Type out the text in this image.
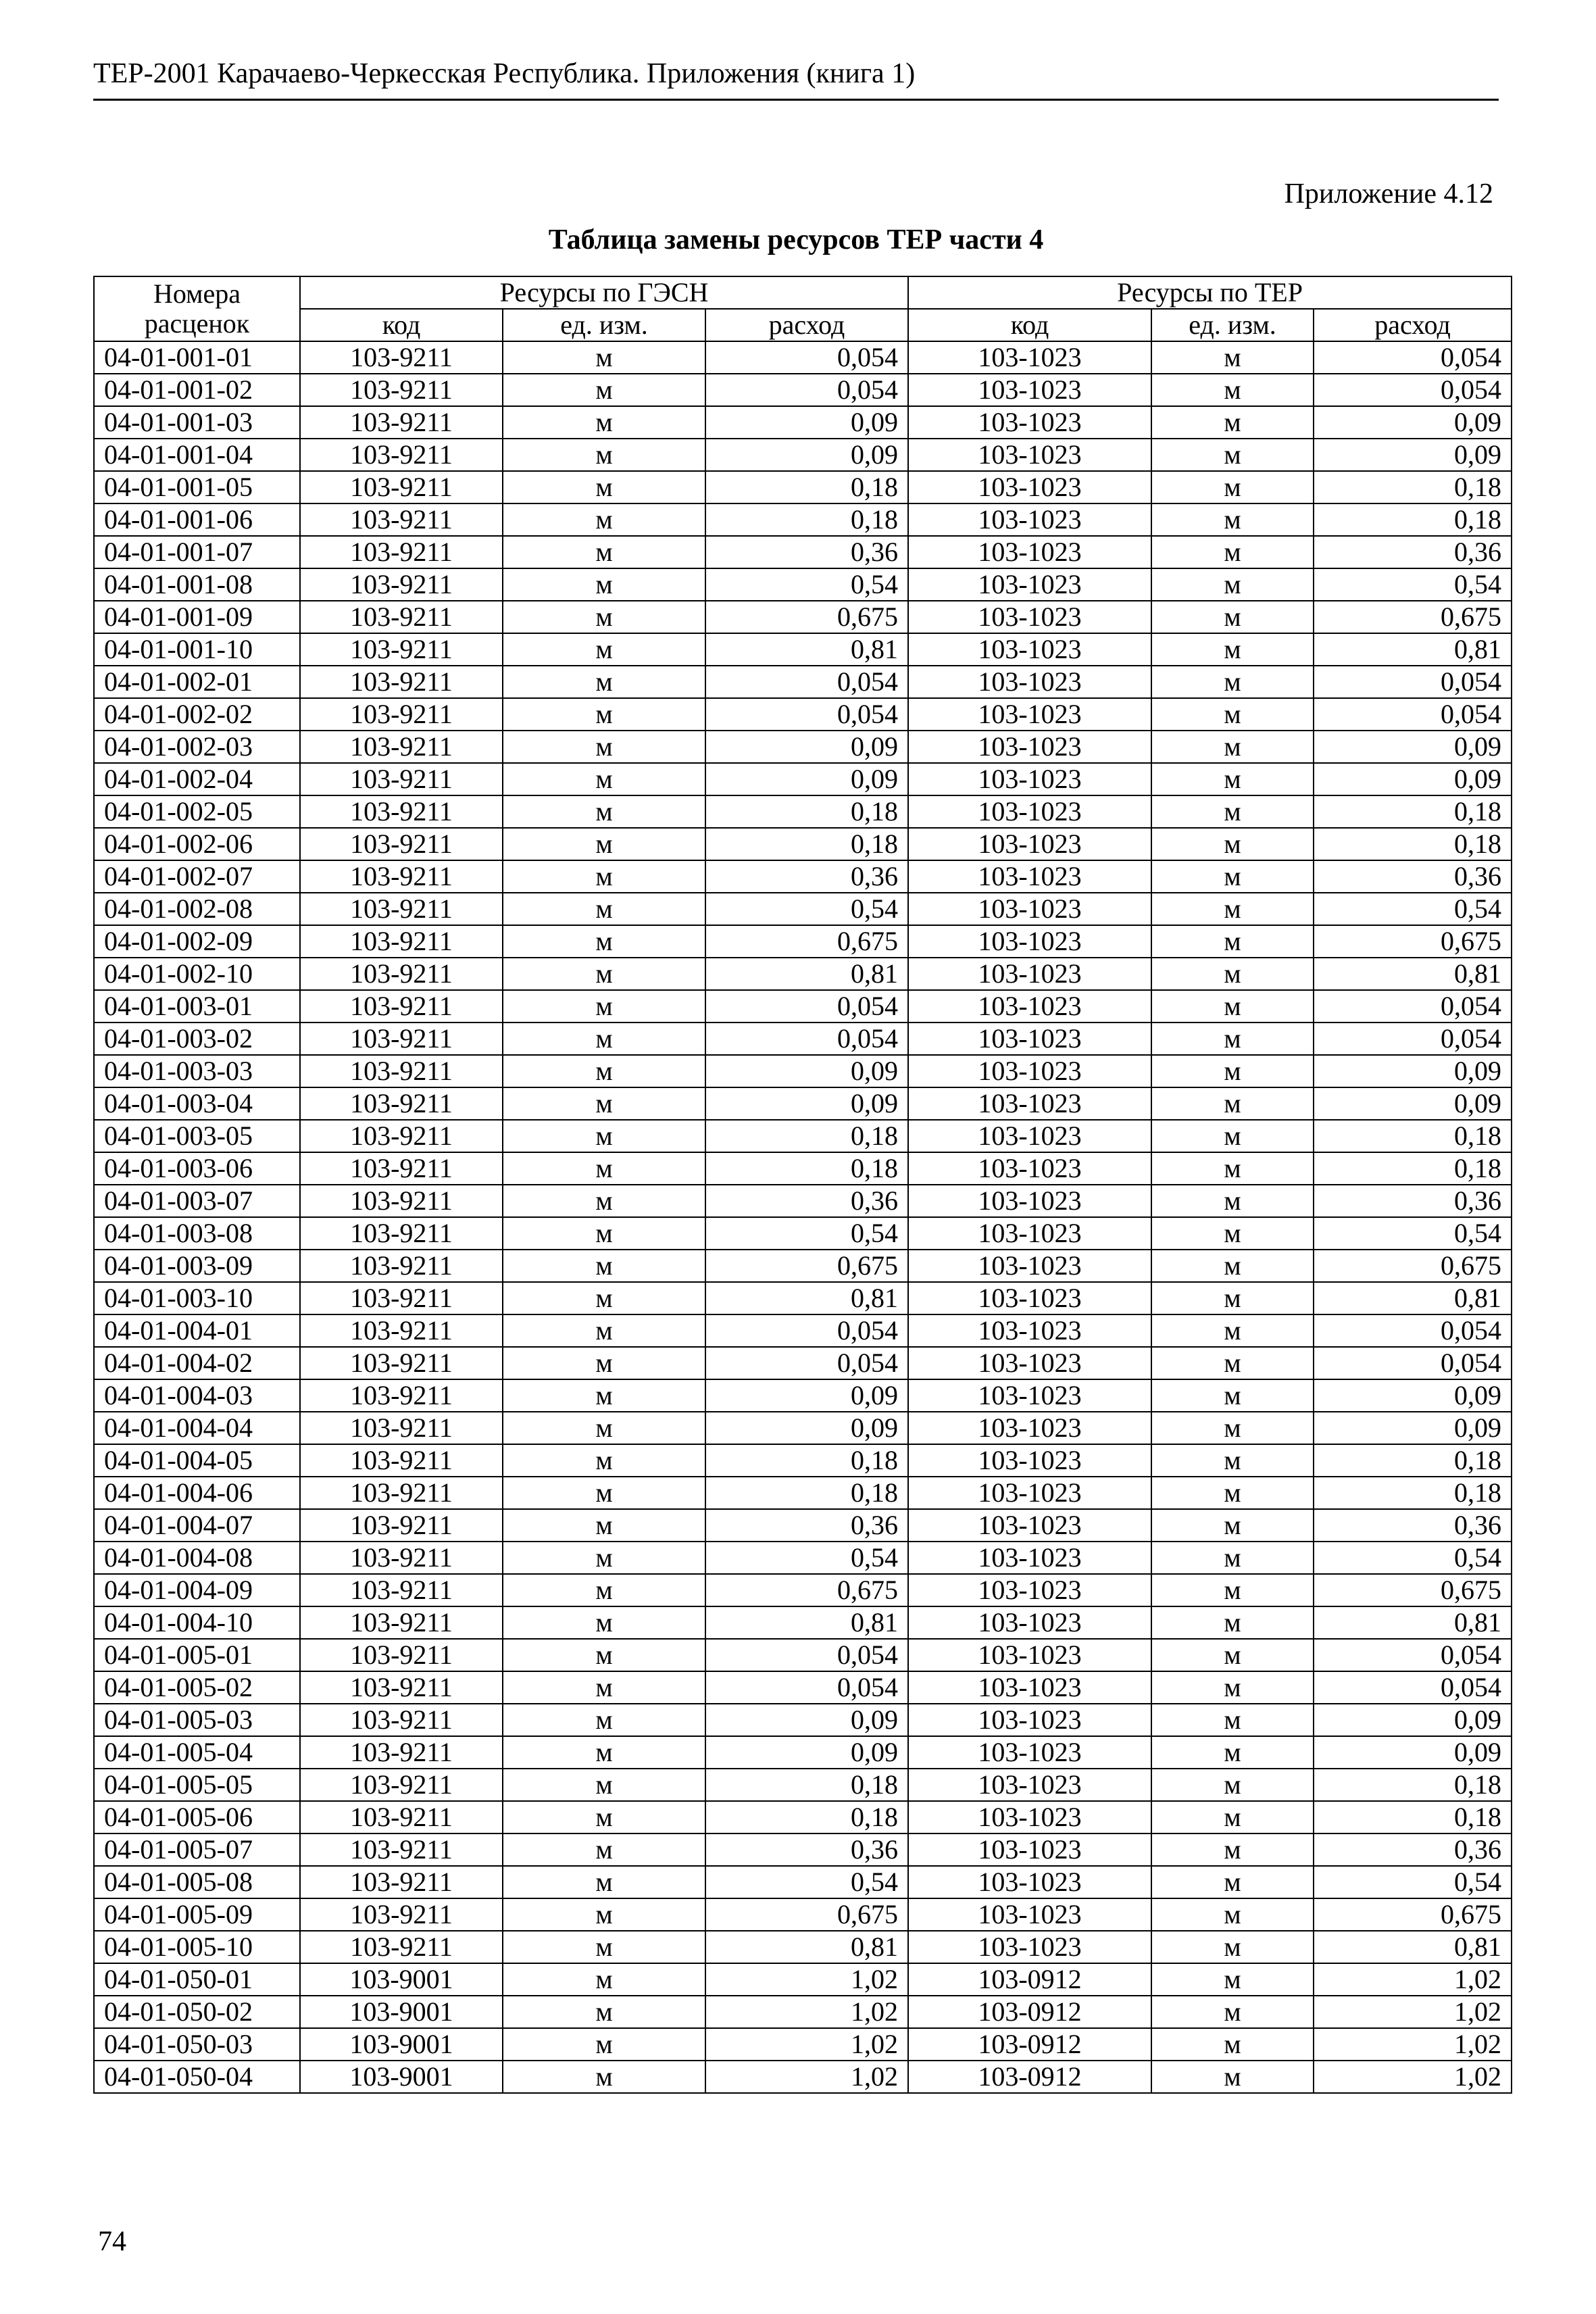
ТЕР-2001 Карачаево-Черкесская Республика. Приложения (книга 1)
Приложение 4.12
Таблица замены ресурсов ТЕР части 4
Номера
расценок	Ресурсы по ГЭСН			Ресурсы по ТЕР		
	код	ед. изм.	расход	код	ед. изм.	расход
04-01-001-01	103-9211	м	0,054	103-1023	м	0,054
04-01-001-02	103-9211	м	0,054	103-1023	м	0,054
04-01-001-03	103-9211	м	0,09	103-1023	м	0,09
04-01-001-04	103-9211	м	0,09	103-1023	м	0,09
04-01-001-05	103-9211	м	0,18	103-1023	м	0,18
04-01-001-06	103-9211	м	0,18	103-1023	м	0,18
04-01-001-07	103-9211	м	0,36	103-1023	м	0,36
04-01-001-08	103-9211	м	0,54	103-1023	м	0,54
04-01-001-09	103-9211	м	0,675	103-1023	м	0,675
04-01-001-10	103-9211	м	0,81	103-1023	м	0,81
04-01-002-01	103-9211	м	0,054	103-1023	м	0,054
04-01-002-02	103-9211	м	0,054	103-1023	м	0,054
04-01-002-03	103-9211	м	0,09	103-1023	м	0,09
04-01-002-04	103-9211	м	0,09	103-1023	м	0,09
04-01-002-05	103-9211	м	0,18	103-1023	м	0,18
04-01-002-06	103-9211	м	0,18	103-1023	м	0,18
04-01-002-07	103-9211	м	0,36	103-1023	м	0,36
04-01-002-08	103-9211	м	0,54	103-1023	м	0,54
04-01-002-09	103-9211	м	0,675	103-1023	м	0,675
04-01-002-10	103-9211	м	0,81	103-1023	м	0,81
04-01-003-01	103-9211	м	0,054	103-1023	м	0,054
04-01-003-02	103-9211	м	0,054	103-1023	м	0,054
04-01-003-03	103-9211	м	0,09	103-1023	м	0,09
04-01-003-04	103-9211	м	0,09	103-1023	м	0,09
04-01-003-05	103-9211	м	0,18	103-1023	м	0,18
04-01-003-06	103-9211	м	0,18	103-1023	м	0,18
04-01-003-07	103-9211	м	0,36	103-1023	м	0,36
04-01-003-08	103-9211	м	0,54	103-1023	м	0,54
04-01-003-09	103-9211	м	0,675	103-1023	м	0,675
04-01-003-10	103-9211	м	0,81	103-1023	м	0,81
04-01-004-01	103-9211	м	0,054	103-1023	м	0,054
04-01-004-02	103-9211	м	0,054	103-1023	м	0,054
04-01-004-03	103-9211	м	0,09	103-1023	м	0,09
04-01-004-04	103-9211	м	0,09	103-1023	м	0,09
04-01-004-05	103-9211	м	0,18	103-1023	м	0,18
04-01-004-06	103-9211	м	0,18	103-1023	м	0,18
04-01-004-07	103-9211	м	0,36	103-1023	м	0,36
04-01-004-08	103-9211	м	0,54	103-1023	м	0,54
04-01-004-09	103-9211	м	0,675	103-1023	м	0,675
04-01-004-10	103-9211	м	0,81	103-1023	м	0,81
04-01-005-01	103-9211	м	0,054	103-1023	м	0,054
04-01-005-02	103-9211	м	0,054	103-1023	м	0,054
04-01-005-03	103-9211	м	0,09	103-1023	м	0,09
04-01-005-04	103-9211	м	0,09	103-1023	м	0,09
04-01-005-05	103-9211	м	0,18	103-1023	м	0,18
04-01-005-06	103-9211	м	0,18	103-1023	м	0,18
04-01-005-07	103-9211	м	0,36	103-1023	м	0,36
04-01-005-08	103-9211	м	0,54	103-1023	м	0,54
04-01-005-09	103-9211	м	0,675	103-1023	м	0,675
04-01-005-10	103-9211	м	0,81	103-1023	м	0,81
04-01-050-01	103-9001	м	1,02	103-0912	м	1,02
04-01-050-02	103-9001	м	1,02	103-0912	м	1,02
04-01-050-03	103-9001	м	1,02	103-0912	м	1,02
04-01-050-04	103-9001	м	1,02	103-0912	м	1,02
74
